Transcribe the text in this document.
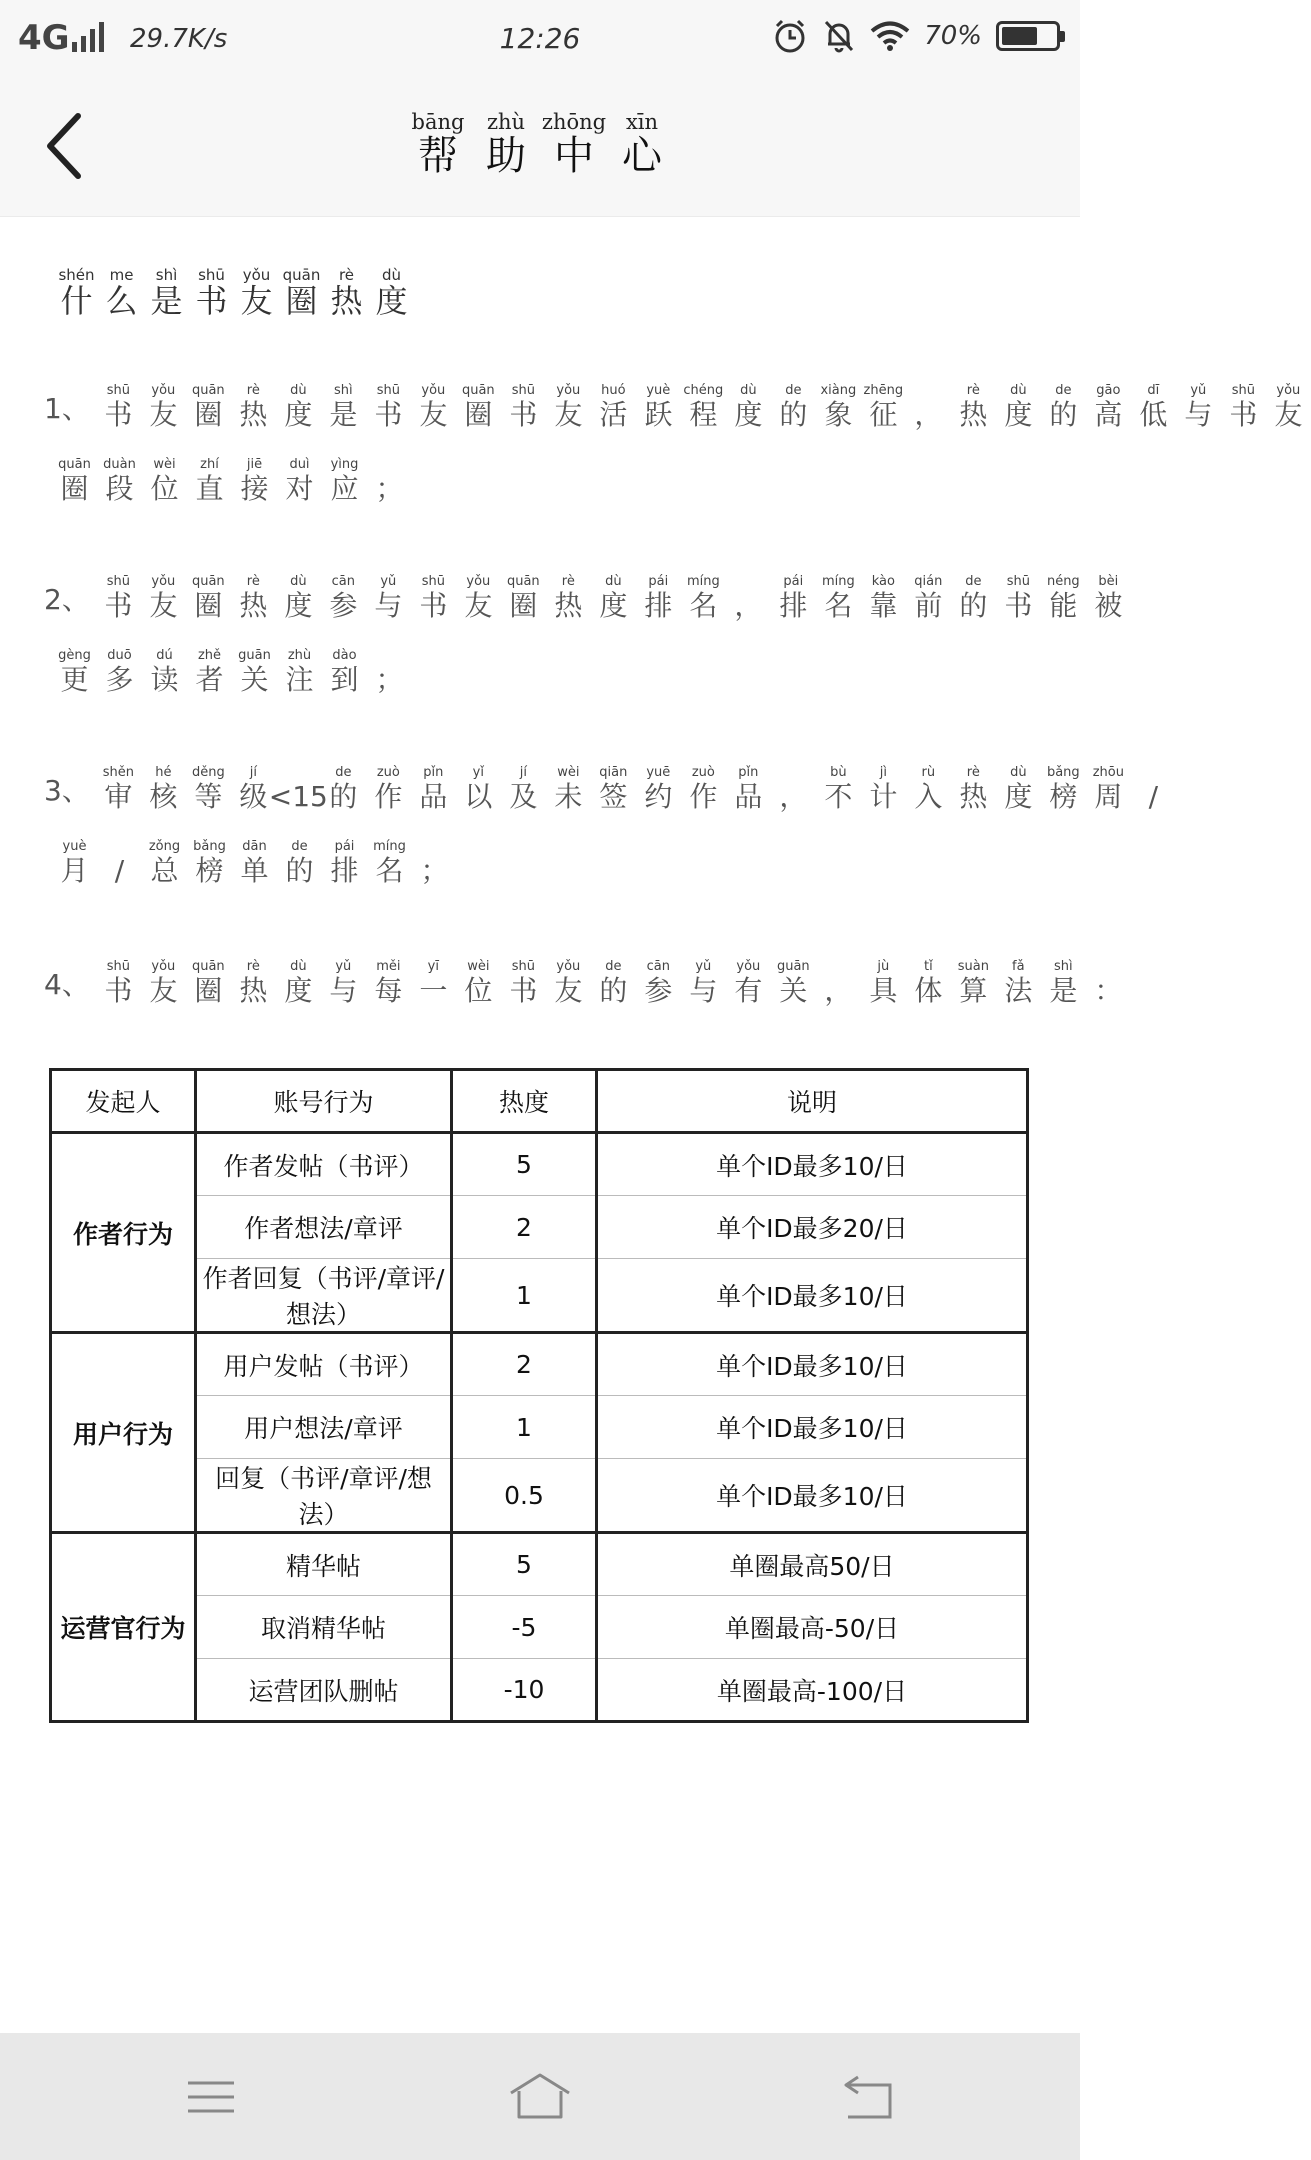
4G 29.7K/s	12:26	70%
bāng
帮
zhù
助
zhōng
中
xīn
心
shén
什
me
么
shì
是
shū
书
yǒu
友
quān
圈
rè
热
dù
度
1、
shū
书
yǒu
友
quān
圈
rè
热
dù
度
shì
是
shū
书
yǒu
友
quān
圈
shū
书
yǒu
友
huó
活
yuè
跃
chéng
程
dù
度
de
的
xiàng
象
zhēng
征 ，
rè
热
dù
度
de
的
gāo
高
dī
低
yǔ
与
shū
书
yǒu
友
quān
圈
duàn
段
wèi
位
zhí
直
jiē
接
duì
对
yìng
应 ；
2、
shū
书
yǒu
友
quān
圈
rè
热
dù
度
cān
参
yǔ
与
shū
书
yǒu
友
quān
圈
rè
热
dù
度
pái
排
míng
名 ，
pái
排
míng
名
kào
靠
qián
前
de
的
shū
书
néng
能
bèi
被
gèng
更
duō
多
dú
读
zhě
者
guān
关
zhù
注
dào
到 ；
3、
shěn
审
hé
核
děng
等
jí
级 <15
de
的
zuò
作
pǐn
品
yǐ
以
jí
及
wèi
未
qiān
签
yuē
约
zuò
作
pǐn
品 ，
bù
不
jì
计
rù
入
rè
热
dù
度
bǎng
榜
zhōu
周 /
yuè
月 /
zǒng
总
bǎng
榜
dān
单
de
的
pái
排
míng
名 ；
4、
shū
书
yǒu
友
quān
圈
rè
热
dù
度
yǔ
与
měi
每
yī
一
wèi
位
shū
书
yǒu
友
de
的
cān
参
yǔ
与
yǒu
有
guān
关 ，
jù
具
tǐ
体
suàn
算
fǎ
法
shì
是 ：
发起人	账号行为	热度	说明
作者行为	作者发帖（书评）	5	单个ID最多10/日
	作者想法/章评	2	单个ID最多20/日
	作者回复（书评/章评/想法）	1	单个ID最多10/日
用户行为	用户发帖（书评）	2	单个ID最多10/日
	用户想法/章评	1	单个ID最多10/日
	回复（书评/章评/想法）	0.5	单个ID最多10/日
运营官行为	精华帖	5	单圈最高50/日
	取消精华帖	-5	单圈最高-50/日
	运营团队删帖	-10	单圈最高-100/日
